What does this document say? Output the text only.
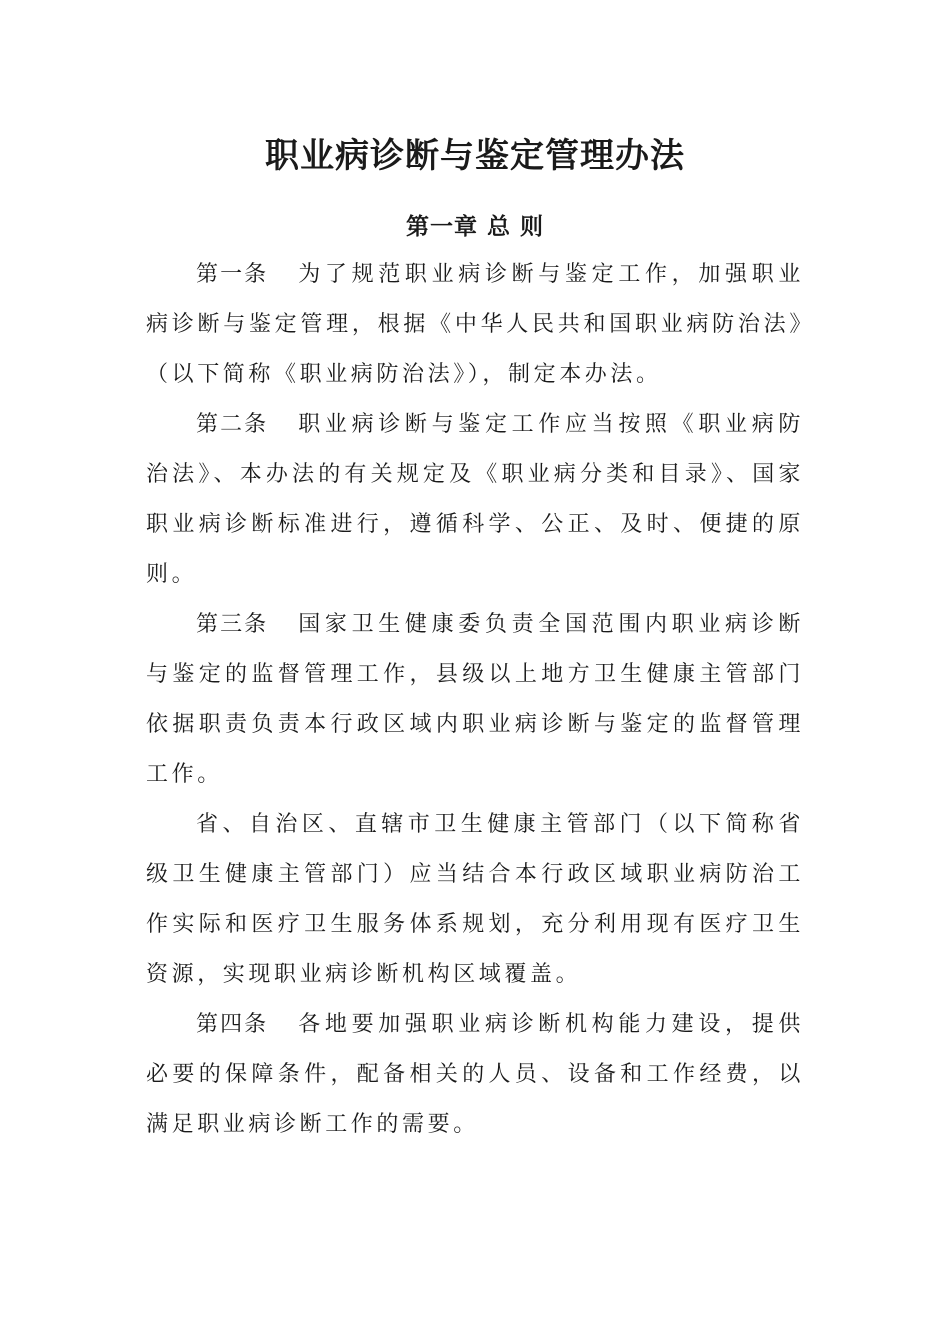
职业病诊断与鉴定管理办法
第一章 总 则

第一条 为了规范职业病诊断与鉴定工作，加强职业病诊断与鉴定管理，根据《中华人民共和国职业病防治法》（以下简称《职业病防治法》），制定本办法。

第二条 职业病诊断与鉴定工作应当按照《职业病防治法》、本办法的有关规定及《职业病分类和目录》、国家职业病诊断标准进行，遵循科学、公正、及时、便捷的原则。

第三条 国家卫生健康委负责全国范围内职业病诊断与鉴定的监督管理工作，县级以上地方卫生健康主管部门依据职责负责本行政区域内职业病诊断与鉴定的监督管理工作。

省、自治区、直辖市卫生健康主管部门（以下简称省级卫生健康主管部门）应当结合本行政区域职业病防治工作实际和医疗卫生服务体系规划，充分利用现有医疗卫生资源，实现职业病诊断机构区域覆盖。

第四条 各地要加强职业病诊断机构能力建设，提供必要的保障条件，配备相关的人员、设备和工作经费，以满足职业病诊断工作的需要。
